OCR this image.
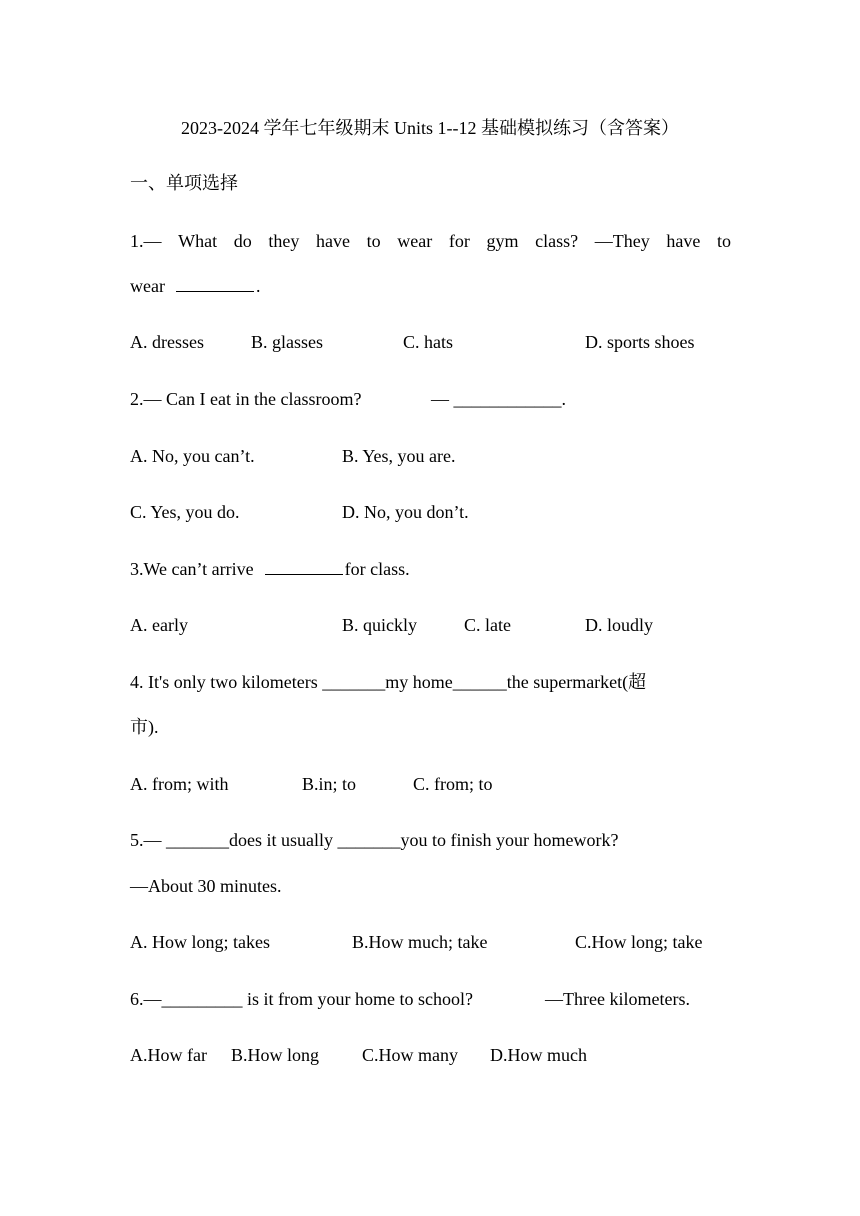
2023-2024 学年七年级期末 Units 1--12 基础模拟练习（含答案）
一、单项选择
1.— What do they have to wear for gym class? —They have to
wear	.
A. dresses	B. glasses	C. hats	D. sports shoes
2.— Can I eat in the classroom?	— ____________.
A. No, you can’t.	B. Yes, you are.
C. Yes, you do.	D. No, you don’t.
3.We can’t arrive	for class.
A. early	B. quickly	C. late	D. loudly
4. It's only two kilometers _______my home______the supermarket(超
市).
A. from; with	B.in; to	C. from; to
5.— _______does it usually _______you to finish your homework?
—About 30 minutes.
A. How long; takes	B.How much; take	C.How long; take
6.—_________ is it from your home to school?	—Three kilometers.
A.How far B.How long C.How many D.How much
